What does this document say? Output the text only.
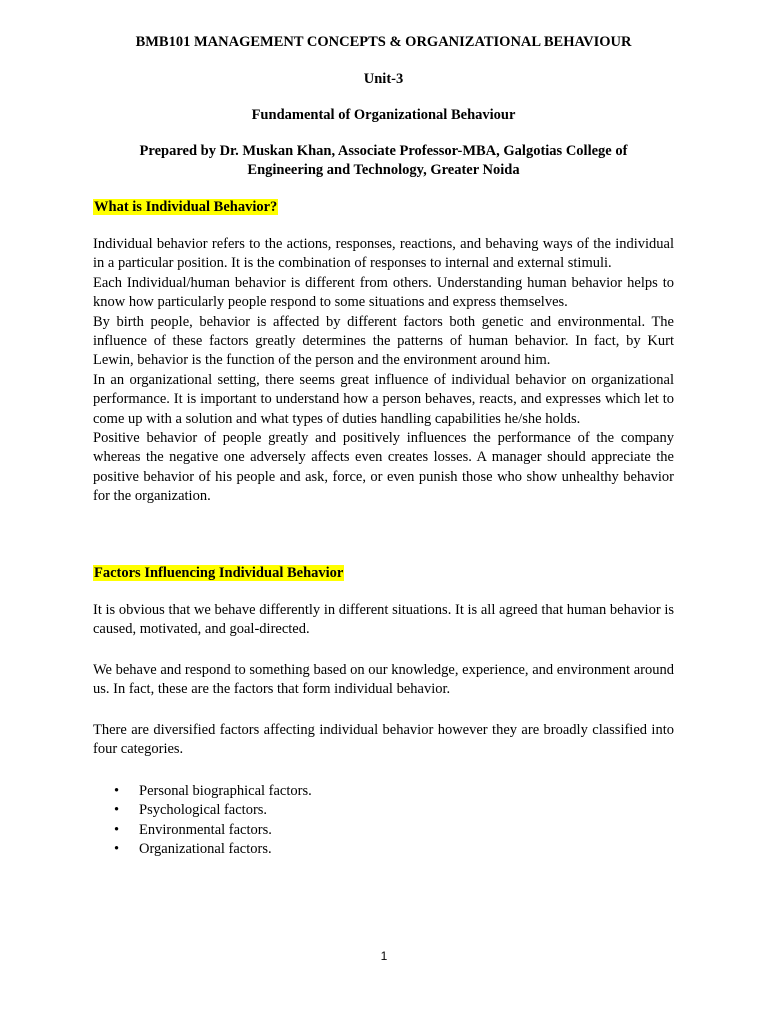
BMB101 MANAGEMENT CONCEPTS & ORGANIZATIONAL BEHAVIOUR

Unit-3

Fundamental of Organizational Behaviour

Prepared by Dr. Muskan Khan, Associate Professor-MBA, Galgotias College of

Engineering and Technology, Greater Noida

What is Individual Behavior?

Individual behavior refers to the actions, responses, reactions, and behaving ways of the individual in a particular position. It is the combination of responses to internal and external stimuli.

Each Individual/human behavior is different from others. Understanding human behavior helps to know how particularly people respond to some situations and express themselves.

By birth people, behavior is affected by different factors both genetic and environmental. The influence of these factors greatly determines the patterns of human behavior. In fact, by Kurt Lewin, behavior is the function of the person and the environment around him.

In an organizational setting, there seems great influence of individual behavior on organizational performance. It is important to understand how a person behaves, reacts, and expresses which let to come up with a solution and what types of duties handling capabilities he/she holds.

Positive behavior of people greatly and positively influences the performance of the company whereas the negative one adversely affects even creates losses. A manager should appreciate the positive behavior of his people and ask, force, or even punish those who show unhealthy behavior for the organization.

Factors Influencing Individual Behavior

It is obvious that we behave differently in different situations. It is all agreed that human behavior is caused, motivated, and goal-directed.

We behave and respond to something based on our knowledge, experience, and environment around us. In fact, these are the factors that form individual behavior.

There are diversified factors affecting individual behavior however they are broadly classified into four categories.

• Personal biographical factors.
• Psychological factors.
• Environmental factors.
• Organizational factors.
1
